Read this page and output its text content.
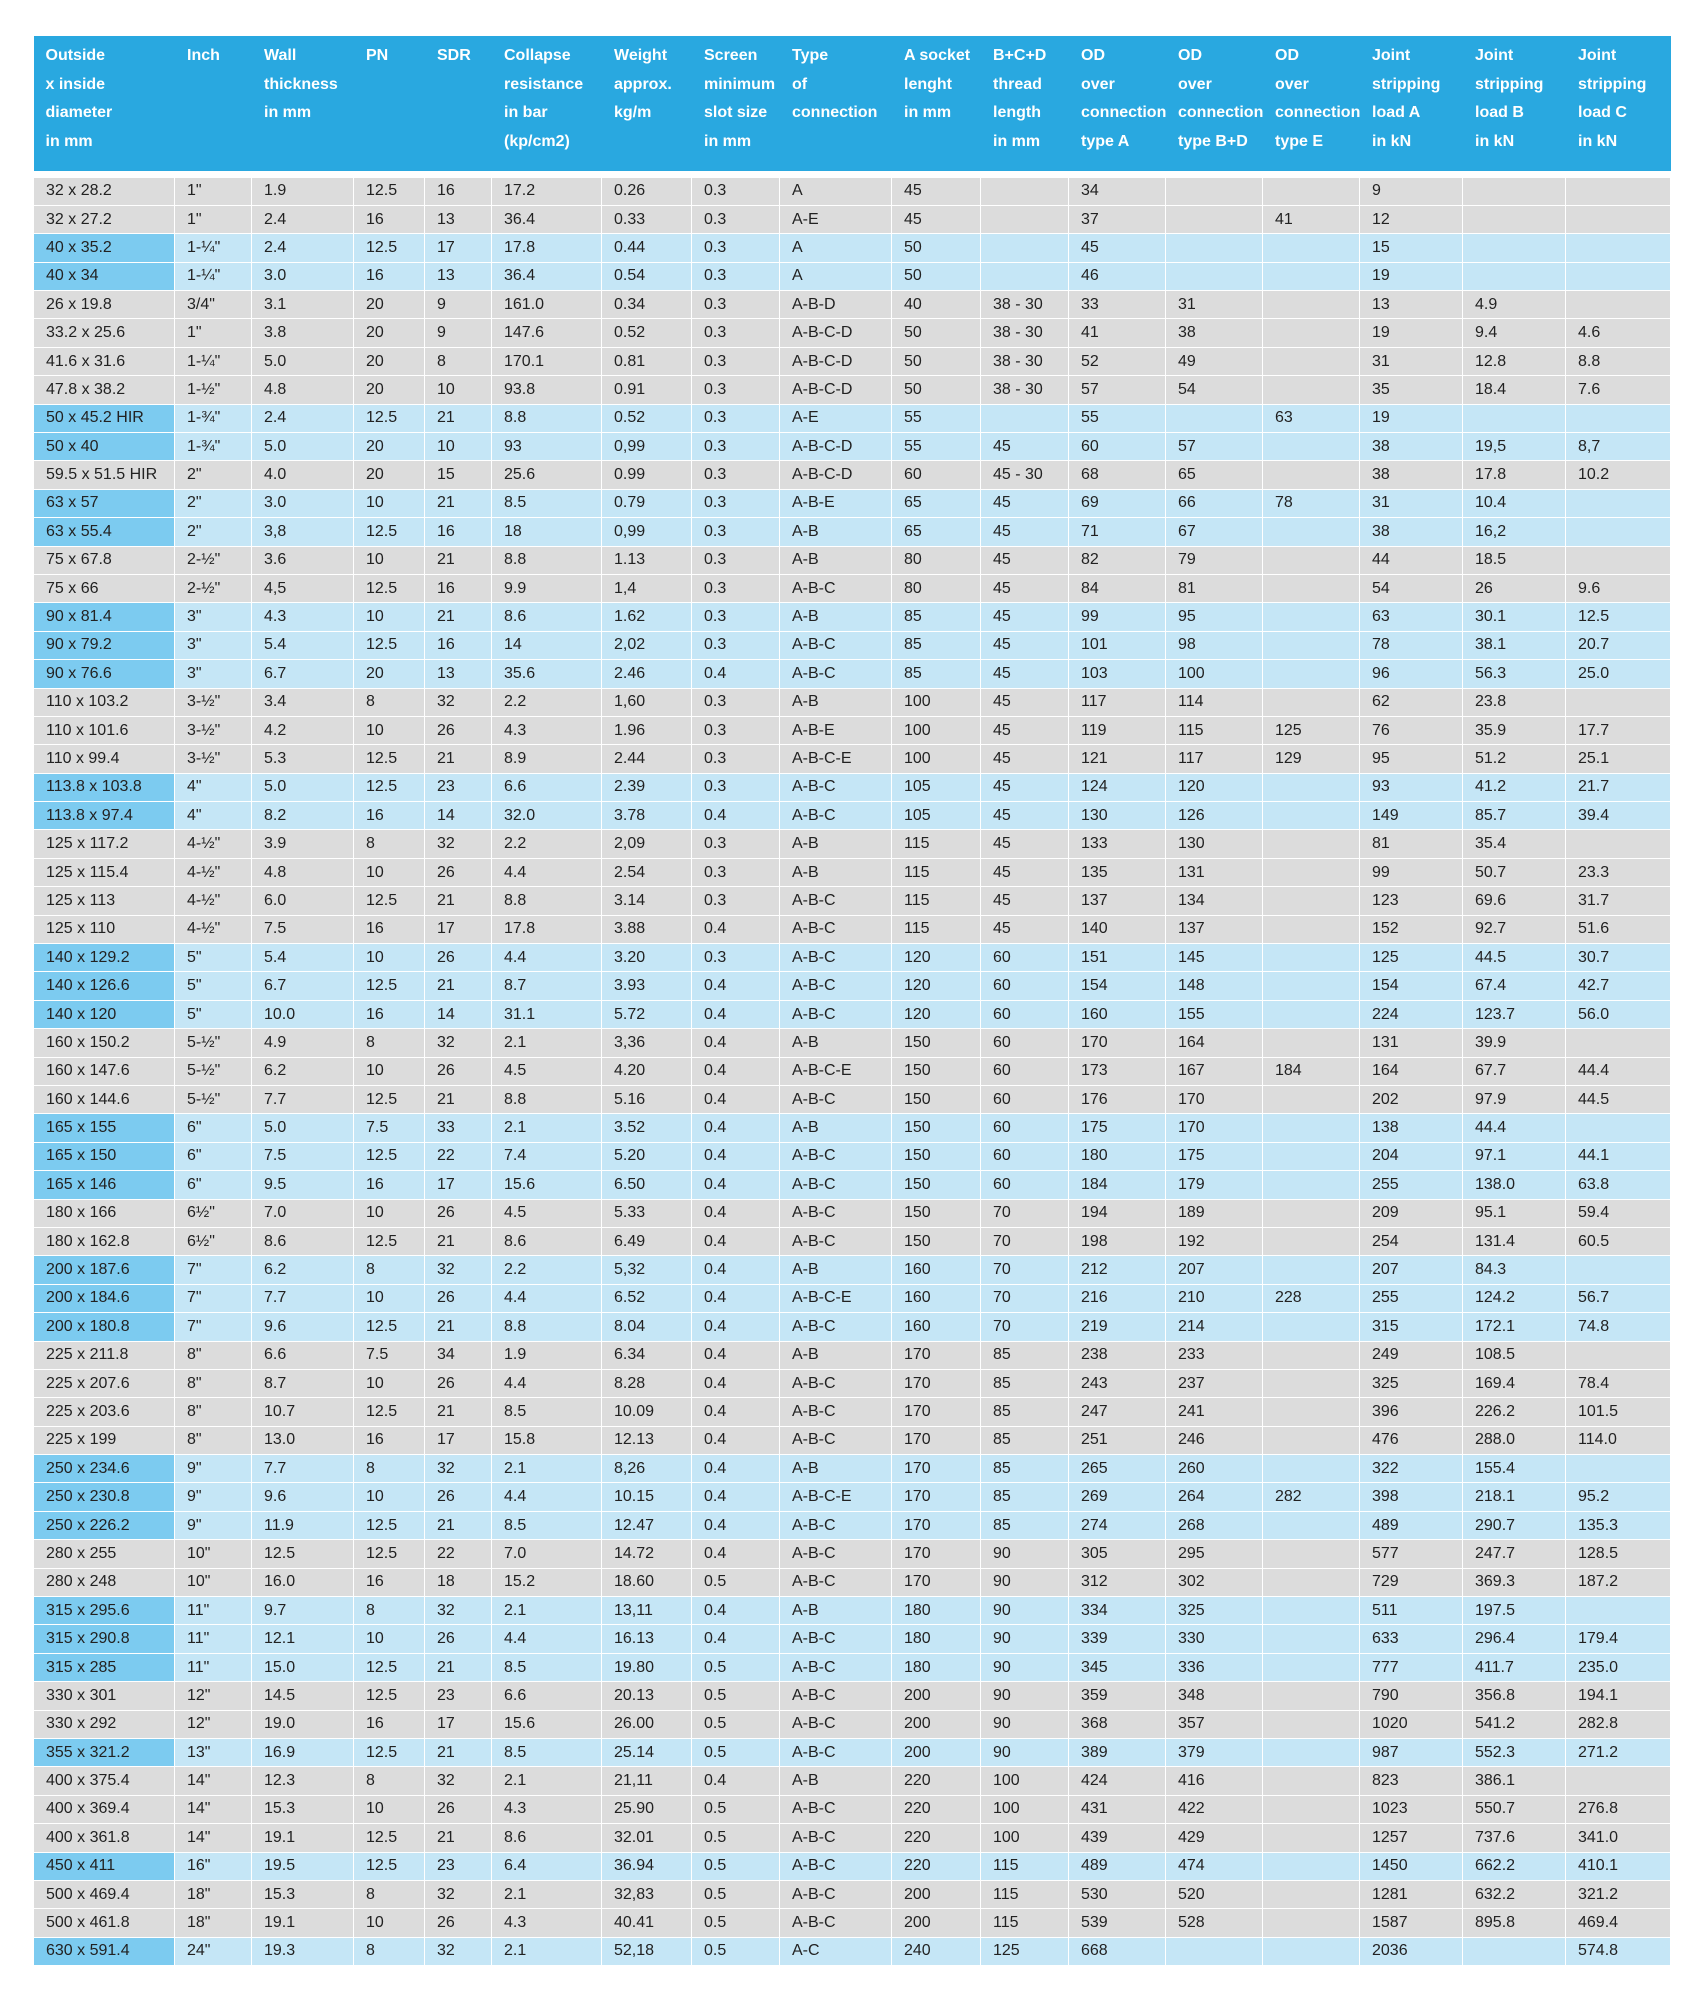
Outside
x inside
diameter
in mm	Inch	Wall
thickness
in mm	PN	SDR	Collapse
resistance
in bar
(kp/cm2)	Weight
approx.
kg/m	Screen
minimum
slot size
in mm	Type
of
connection	A socket
lenght
in mm	B+C+D
thread
length
in mm	OD
over
connection
type A	OD
over
connection
type B+D	OD
over
connection
type E	Joint
stripping
load A
in kN	Joint
stripping
load B
in kN	Joint
stripping
load C
in kN

32 x 28.2	1"	1.9	12.5	16	17.2	0.26	0.3	A	45		34			9		
32 x 27.2	1"	2.4	16	13	36.4	0.33	0.3	A-E	45		37		41	12		
40 x 35.2	1-¼"	2.4	12.5	17	17.8	0.44	0.3	A	50		45			15		
40 x 34	1-¼"	3.0	16	13	36.4	0.54	0.3	A	50		46			19		
26 x 19.8	3/4"	3.1	20	9	161.0	0.34	0.3	A-B-D	40	38 - 30	33	31		13	4.9	
33.2 x 25.6	1"	3.8	20	9	147.6	0.52	0.3	A-B-C-D	50	38 - 30	41	38		19	9.4	4.6
41.6 x 31.6	1-¼"	5.0	20	8	170.1	0.81	0.3	A-B-C-D	50	38 - 30	52	49		31	12.8	8.8
47.8 x 38.2	1-½"	4.8	20	10	93.8	0.91	0.3	A-B-C-D	50	38 - 30	57	54		35	18.4	7.6
50 x 45.2 HIR	1-¾"	2.4	12.5	21	8.8	0.52	0.3	A-E	55		55		63	19		
50 x 40	1-¾"	5.0	20	10	93	0,99	0.3	A-B-C-D	55	45	60	57		38	19,5	8,7
59.5 x 51.5 HIR	2"	4.0	20	15	25.6	0.99	0.3	A-B-C-D	60	45 - 30	68	65		38	17.8	10.2
63 x 57	2"	3.0	10	21	8.5	0.79	0.3	A-B-E	65	45	69	66	78	31	10.4	
63 x 55.4	2"	3,8	12.5	16	18	0,99	0.3	A-B	65	45	71	67		38	16,2	
75 x 67.8	2-½"	3.6	10	21	8.8	1.13	0.3	A-B	80	45	82	79		44	18.5	
75 x 66	2-½"	4,5	12.5	16	9.9	1,4	0.3	A-B-C	80	45	84	81		54	26	9.6
90 x 81.4	3"	4.3	10	21	8.6	1.62	0.3	A-B	85	45	99	95		63	30.1	12.5
90 x 79.2	3"	5.4	12.5	16	14	2,02	0.3	A-B-C	85	45	101	98		78	38.1	20.7
90 x 76.6	3"	6.7	20	13	35.6	2.46	0.4	A-B-C	85	45	103	100		96	56.3	25.0
110 x 103.2	3-½"	3.4	8	32	2.2	1,60	0.3	A-B	100	45	117	114		62	23.8	
110 x 101.6	3-½"	4.2	10	26	4.3	1.96	0.3	A-B-E	100	45	119	115	125	76	35.9	17.7
110 x 99.4	3-½"	5.3	12.5	21	8.9	2.44	0.3	A-B-C-E	100	45	121	117	129	95	51.2	25.1
113.8 x 103.8	4"	5.0	12.5	23	6.6	2.39	0.3	A-B-C	105	45	124	120		93	41.2	21.7
113.8 x 97.4	4"	8.2	16	14	32.0	3.78	0.4	A-B-C	105	45	130	126		149	85.7	39.4
125 x 117.2	4-½"	3.9	8	32	2.2	2,09	0.3	A-B	115	45	133	130		81	35.4	
125 x 115.4	4-½"	4.8	10	26	4.4	2.54	0.3	A-B	115	45	135	131		99	50.7	23.3
125 x 113	4-½"	6.0	12.5	21	8.8	3.14	0.3	A-B-C	115	45	137	134		123	69.6	31.7
125 x 110	4-½"	7.5	16	17	17.8	3.88	0.4	A-B-C	115	45	140	137		152	92.7	51.6
140 x 129.2	5"	5.4	10	26	4.4	3.20	0.3	A-B-C	120	60	151	145		125	44.5	30.7
140 x 126.6	5"	6.7	12.5	21	8.7	3.93	0.4	A-B-C	120	60	154	148		154	67.4	42.7
140 x 120	5"	10.0	16	14	31.1	5.72	0.4	A-B-C	120	60	160	155		224	123.7	56.0
160 x 150.2	5-½"	4.9	8	32	2.1	3,36	0.4	A-B	150	60	170	164		131	39.9	
160 x 147.6	5-½"	6.2	10	26	4.5	4.20	0.4	A-B-C-E	150	60	173	167	184	164	67.7	44.4
160 x 144.6	5-½"	7.7	12.5	21	8.8	5.16	0.4	A-B-C	150	60	176	170		202	97.9	44.5
165 x 155	6"	5.0	7.5	33	2.1	3.52	0.4	A-B	150	60	175	170		138	44.4	
165 x 150	6"	7.5	12.5	22	7.4	5.20	0.4	A-B-C	150	60	180	175		204	97.1	44.1
165 x 146	6"	9.5	16	17	15.6	6.50	0.4	A-B-C	150	60	184	179		255	138.0	63.8
180 x 166	6½"	7.0	10	26	4.5	5.33	0.4	A-B-C	150	70	194	189		209	95.1	59.4
180 x 162.8	6½"	8.6	12.5	21	8.6	6.49	0.4	A-B-C	150	70	198	192		254	131.4	60.5
200 x 187.6	7"	6.2	8	32	2.2	5,32	0.4	A-B	160	70	212	207		207	84.3	
200 x 184.6	7"	7.7	10	26	4.4	6.52	0.4	A-B-C-E	160	70	216	210	228	255	124.2	56.7
200 x 180.8	7"	9.6	12.5	21	8.8	8.04	0.4	A-B-C	160	70	219	214		315	172.1	74.8
225 x 211.8	8"	6.6	7.5	34	1.9	6.34	0.4	A-B	170	85	238	233		249	108.5	
225 x 207.6	8"	8.7	10	26	4.4	8.28	0.4	A-B-C	170	85	243	237		325	169.4	78.4
225 x 203.6	8"	10.7	12.5	21	8.5	10.09	0.4	A-B-C	170	85	247	241		396	226.2	101.5
225 x 199	8"	13.0	16	17	15.8	12.13	0.4	A-B-C	170	85	251	246		476	288.0	114.0
250 x 234.6	9"	7.7	8	32	2.1	8,26	0.4	A-B	170	85	265	260		322	155.4	
250 x 230.8	9"	9.6	10	26	4.4	10.15	0.4	A-B-C-E	170	85	269	264	282	398	218.1	95.2
250 x 226.2	9"	11.9	12.5	21	8.5	12.47	0.4	A-B-C	170	85	274	268		489	290.7	135.3
280 x 255	10"	12.5	12.5	22	7.0	14.72	0.4	A-B-C	170	90	305	295		577	247.7	128.5
280 x 248	10"	16.0	16	18	15.2	18.60	0.5	A-B-C	170	90	312	302		729	369.3	187.2
315 x 295.6	11"	9.7	8	32	2.1	13,11	0.4	A-B	180	90	334	325		511	197.5	
315 x 290.8	11"	12.1	10	26	4.4	16.13	0.4	A-B-C	180	90	339	330		633	296.4	179.4
315 x 285	11"	15.0	12.5	21	8.5	19.80	0.5	A-B-C	180	90	345	336		777	411.7	235.0
330 x 301	12"	14.5	12.5	23	6.6	20.13	0.5	A-B-C	200	90	359	348		790	356.8	194.1
330 x 292	12"	19.0	16	17	15.6	26.00	0.5	A-B-C	200	90	368	357		1020	541.2	282.8
355 x 321.2	13"	16.9	12.5	21	8.5	25.14	0.5	A-B-C	200	90	389	379		987	552.3	271.2
400 x 375.4	14"	12.3	8	32	2.1	21,11	0.4	A-B	220	100	424	416		823	386.1	
400 x 369.4	14"	15.3	10	26	4.3	25.90	0.5	A-B-C	220	100	431	422		1023	550.7	276.8
400 x 361.8	14"	19.1	12.5	21	8.6	32.01	0.5	A-B-C	220	100	439	429		1257	737.6	341.0
450 x 411	16"	19.5	12.5	23	6.4	36.94	0.5	A-B-C	220	115	489	474		1450	662.2	410.1
500 x 469.4	18"	15.3	8	32	2.1	32,83	0.5	A-B-C	200	115	530	520		1281	632.2	321.2
500 x 461.8	18"	19.1	10	26	4.3	40.41	0.5	A-B-C	200	115	539	528		1587	895.8	469.4
630 x 591.4	24"	19.3	8	32	2.1	52,18	0.5	A-C	240	125	668			2036		574.8
